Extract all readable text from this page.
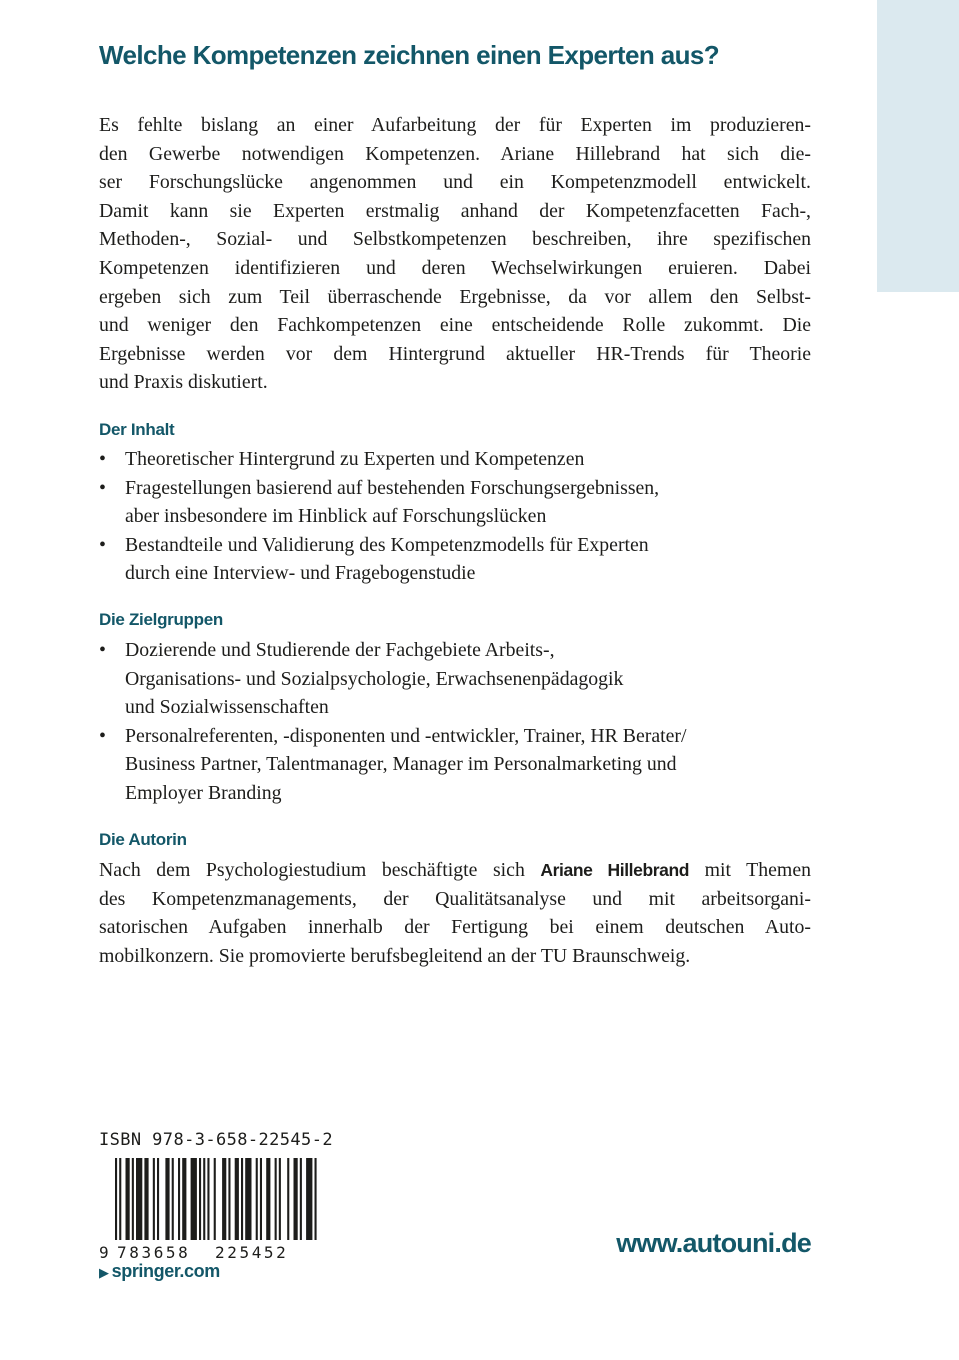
Welche Kompetenzen zeichnen einen Experten aus?
Es fehlte bislang an einer Aufarbeitung der für Experten im produzieren-
den Gewerbe notwendigen Kompetenzen. Ariane Hillebrand hat sich die-
ser Forschungslücke angenommen und ein Kompetenzmodell entwickelt.
Damit kann sie Experten erstmalig anhand der Kompetenzfacetten Fach-,
Methoden-, Sozial- und Selbstkompetenzen beschreiben, ihre spezifischen
Kompetenzen identifizieren und deren Wechselwirkungen eruieren. Dabei
ergeben sich zum Teil überraschende Ergebnisse, da vor allem den Selbst-
und weniger den Fachkompetenzen eine entscheidende Rolle zukommt. Die
Ergebnisse werden vor dem Hintergrund aktueller HR-Trends für Theorie
und Praxis diskutiert.
Der Inhalt
• Theoretischer Hintergrund zu Experten und Kompetenzen
• Fragestellungen basierend auf bestehenden Forschungsergebnissen,
aber insbesondere im Hinblick auf Forschungslücken
• Bestandteile und Validierung des Kompetenzmodells für Experten
durch eine Interview- und Fragebogenstudie
Die Zielgruppen
• Dozierende und Studierende der Fachgebiete Arbeits-,
Organisations- und Sozialpsychologie, Erwachsenenpädagogik
und Sozialwissenschaften
• Personalreferenten, -disponenten und -entwickler, Trainer, HR Berater/
Business Partner, Talentmanager, Manager im Personalmarketing und
Employer Branding
Die Autorin
Nach dem Psychologiestudium beschäftigte sich Ariane Hillebrand mit Themen
des Kompetenzmanagements, der Qualitätsanalyse und mit arbeitsorgani-
satorischen Aufgaben innerhalb der Fertigung bei einem deutschen Auto-
mobilkonzern. Sie promovierte berufsbegleitend an der TU Braunschweig.

ISBN 978-3-658-22545-2

9 783658 225452

▶ springer.com

www.autouni.de
